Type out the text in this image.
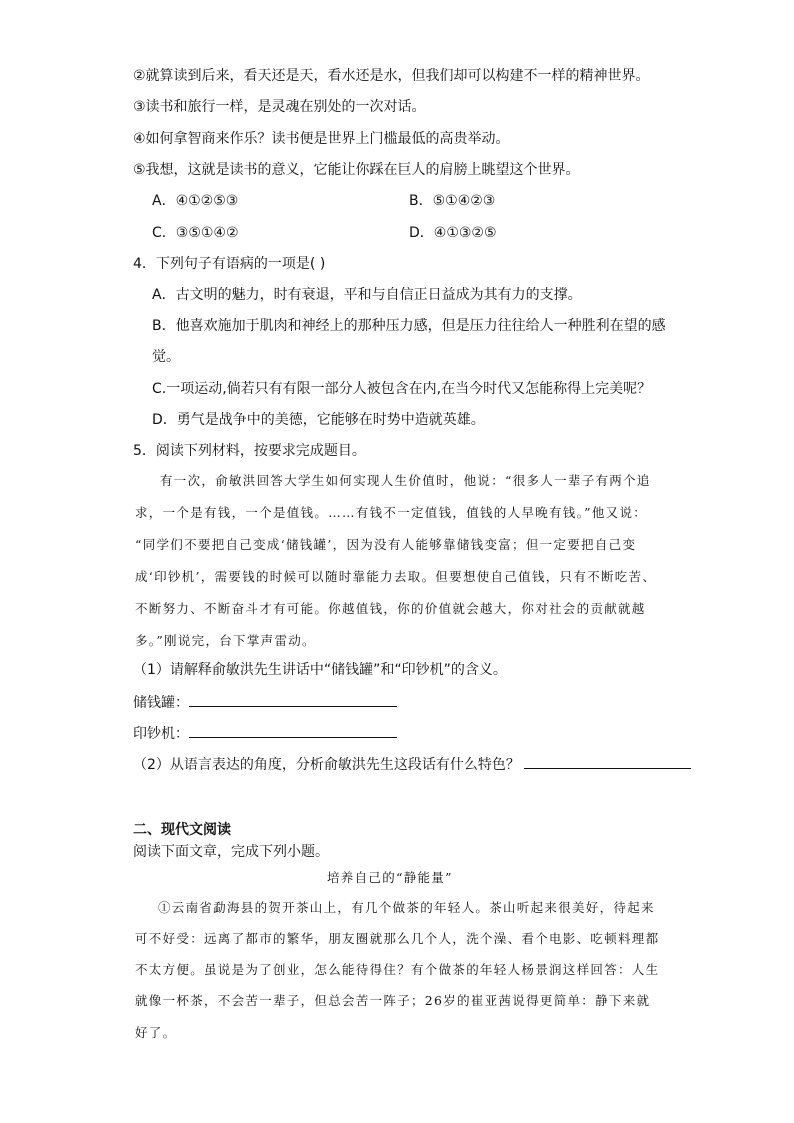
②就算读到后来，看天还是天，看水还是水，但我们却可以构建不一样的精神世界。
③读书和旅行一样，是灵魂在别处的一次对话。
④如何拿智商来作乐？读书便是世界上门槛最低的高贵举动。
⑤我想，这就是读书的意义，它能让你踩在巨人的肩膀上眺望这个世界。
A．④①②⑤③	B．⑤①④②③
C．③⑤①④②	D．④①③②⑤
4．下列句子有语病的一项是( )
A．古文明的魅力，时有衰退，平和与自信正日益成为其有力的支撑。
B．他喜欢施加于肌肉和神经上的那种压力感，但是压力往往给人一种胜利在望的感
觉。
C.一项运动,倘若只有有限一部分人被包含在内,在当今时代又怎能称得上完美呢？
D．勇气是战争中的美德，它能够在时势中造就英雄。
5．阅读下列材料，按要求完成题目。
有一次，俞敏洪回答大学生如何实现人生价值时，他说：“很多人一辈子有两个追
求，一个是有钱，一个是值钱。……有钱不一定值钱，值钱的人早晚有钱。”他又说：
“同学们不要把自己变成‘储钱罐’，因为没有人能够靠储钱变富；但一定要把自己变
成‘印钞机’，需要钱的时候可以随时靠能力去取。但要想使自己值钱，只有不断吃苦、
不断努力、不断奋斗才有可能。你越值钱，你的价值就会越大，你对社会的贡献就越
多。”刚说完，台下掌声雷动。
（1）请解释俞敏洪先生讲话中“储钱罐”和“印钞机”的含义。
储钱罐：
印钞机：
（2）从语言表达的角度，分析俞敏洪先生这段话有什么特色？
二、现代文阅读
阅读下面文章，完成下列小题。
培养自己的“静能量”
①云南省勐海县的贺开茶山上，有几个做茶的年轻人。茶山听起来很美好，待起来
可不好受：远离了都市的繁华，朋友圈就那么几个人，洗个澡、看个电影、吃顿料理都
不太方便。虽说是为了创业，怎么能待得住？有个做茶的年轻人杨景润这样回答：人生
就像一杯茶，不会苦一辈子，但总会苦一阵子；26岁的崔亚茜说得更简单：静下来就
好了。
